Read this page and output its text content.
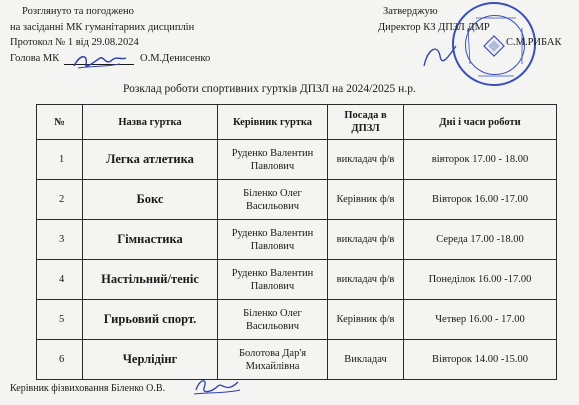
Розглянуто та погоджено
на засіданні МК гуманітарних дисциплін
Протокол № 1 від 29.08.2024
Голова МК	О.М.Денисенко
Затверджую
Директор КЗ ДПЗЛ ДМР
С.М.РИБАК
Розклад роботи спортивних гуртків ДПЗЛ на 2024/2025 н.р.
№	Назва гуртка	Керівник гуртка	Посада в ДПЗЛ	Дні і часи роботи
1	Легка атлетика	Руденко Валентин Павлович	викладач ф/в	вівторок 17.00 - 18.00
2	Бокс	Біленко Олег Васильович	Керівник ф/в	Вівторок 16.00 -17.00
3	Гімнастика	Руденко Валентин Павлович	викладач ф/в	Середа 17.00 -18.00
4	Настільний/теніс	Руденко Валентин Павлович	викладач ф/в	Понеділок 16.00 -17.00
5	Гирьовий спорт.	Біленко Олег Васильович	Керівник ф/в	Четвер 16.00 - 17.00
6	Черлідінг	Болотова Дар'я Михайлівна	Викладач	Вівторок 14.00 -15.00
Керівник фізвиховання Біленко О.В.
